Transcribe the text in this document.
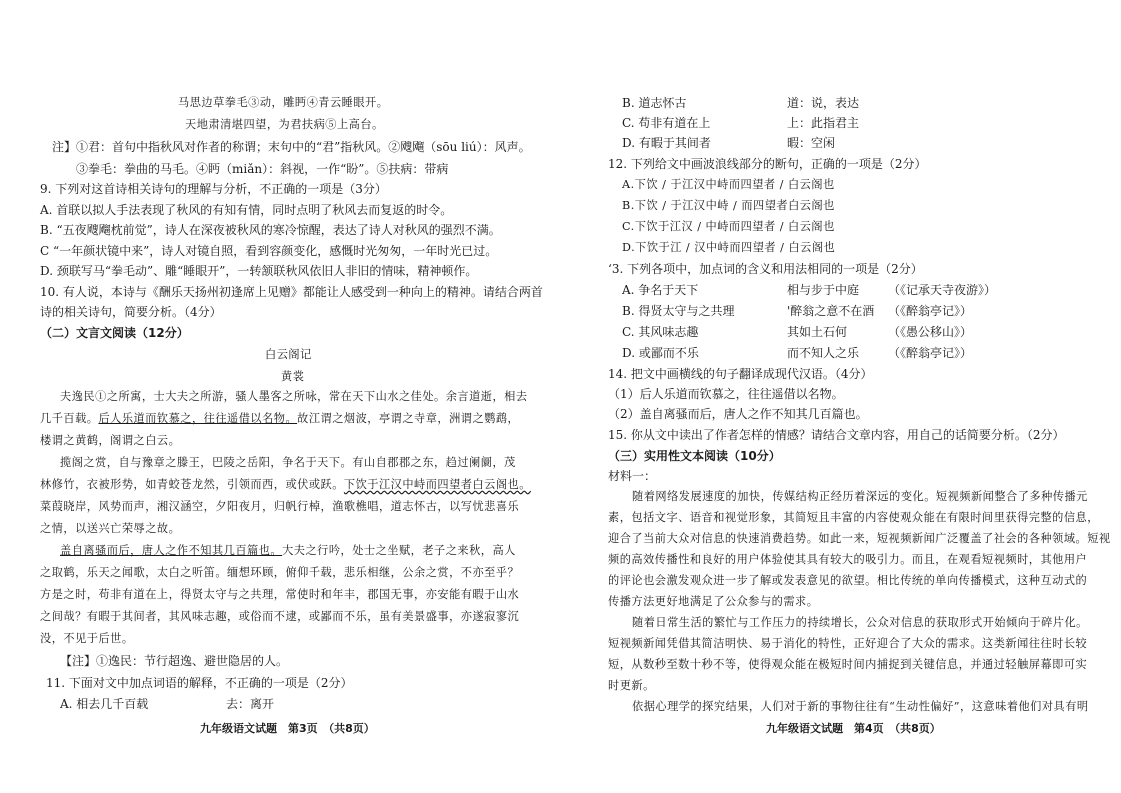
马思边草拳毛③动，雕眄④青云睡眼开。
天地肃清堪四望，为君扶病⑤上高台。
注】①君：首句中指秋风对作者的称谓；末句中的“君”指秋风。②飕飗（sōu liú）：风声。
③拳毛：拳曲的马毛。④眄（miǎn）：斜视，一作“盼”。⑤扶病：带病
9. 下列对这首诗相关诗句的理解与分析，不正确的一项是（3分）
A. 首联以拟人手法表现了秋风的有知有情，同时点明了秋风去而复返的时令。
B. “五夜飕飗枕前觉”，诗人在深夜被秋风的寒冷惊醒，表达了诗人对秋风的强烈不满。
C “一年颜状镜中来”，诗人对镜自照，看到容颜变化，感慨时光匆匆，一年时光已过。
D. 颈联写马“拳毛动”、雕“睡眼开”，一转颔联秋风依旧人非旧的情味，精神顿作。
10. 有人说，本诗与《酬乐天扬州初逢席上见赠》都能让人感受到一种向上的精神。请结合两首
诗的相关诗句，简要分析。（4分）
（二）文言文阅读（12分）
白云阁记
黄裳
夫逸民①之所寓，士大夫之所游，骚人墨客之所咏，常在天下山水之佳处。余言道逝，相去
几千百载。后人乐道而钦慕之，往往遥借以名物。故江谓之烟波，亭谓之寺章，洲谓之鹦鹉，
楼谓之黄鹤，阁谓之白云。
揽阁之赏，自与豫章之滕王，巴陵之岳阳，争名于天下。有山自郡郡之东，趋过阑阛，茂
林修竹，衣被形势，如青蛟苍龙然，引领而西，或伏或跃。下饮于江汉中峙而四望者白云阁也。
菜葭晓岸，风势而声，湘汉涵空，夕阳夜月，归帆行棹，渔歌樵唱，道志怀古，以写忧悲喜乐
之情，以送兴亡荣辱之故。
盖自离骚而后，唐人之作不知其几百篇也。大夫之行吟，处士之坐赋，老子之来秋，高人
之取鹤，乐天之闻歌，太白之听笛。缅想环顾，俯仰千载，悲乐相继，公余之赏，不亦至乎？
方是之时，苟非有道在上，得贤太守与之共理，常使时和年丰，郡国无事，亦安能有暇于山水
之间哉？有暇于其间者，其风味志趣，或俗而不逮，或鄙而不乐，虽有美景盛事，亦遂寂寥沉
没，不见于后世。
【注】①逸民：节行超逸、避世隐居的人。
11. 下面对文中加点词语的解释，不正确的一项是（2分）
A. 相去几千百载	去：离开
九年级语文试题　第3页　（共8页）
B. 道志怀古	道：说，表达
C. 苟非有道在上	上：此指君主
D. 有暇于其间者	暇：空闲
12. 下列给文中画波浪线部分的断句，正确的一项是（2分）
A.下饮 / 于江汉中峙而四望者 / 白云阁也
B.下饮 / 于江汉中峙 / 而四望者白云阁也
C.下饮于江汉 / 中峙而四望者 / 白云阁也
D.下饮于江 / 汉中峙而四望者 / 白云阁也
‘3. 下列各项中，加点词的含义和用法相同的一项是（2分）
A. 争名于天下	相与步于中庭 （《记承天寺夜游》）
B. 得贤太守与之共理	'醉翁之意不在酒 （《醉翁亭记》）
C. 其风味志趣	其如土石何	（《愚公移山》）
D. 或鄙而不乐	而不知人之乐 （《醉翁亭记》）
14. 把文中画横线的句子翻译成现代汉语。（4分）
（1）后人乐道而钦慕之，往往遥借以名物。
（2）盖自离骚而后，唐人之作不知其几百篇也。
15. 你从文中读出了作者怎样的情感？请结合文章内容，用自己的话简要分析。（2分）
（三）实用性文本阅读（10分）
材料一：
随着网络发展速度的加快，传媒结构正经历着深远的变化。短视频新闻整合了多种传播元
素，包括文字、语音和视觉形象，其简短且丰富的内容使观众能在有限时间里获得完整的信息，
迎合了当前大众对信息的快速消费趋势。如此一来，短视频新闻广泛覆盖了社会的各种领域。短视
频的高效传播性和良好的用户体验使其具有较大的吸引力。而且，在观看短视频时，其他用户
的评论也会激发观众进一步了解或发表意见的欲望。相比传统的单向传播模式，这种互动式的
传播方法更好地满足了公众参与的需求。
随着日常生活的繁忙与工作压力的持续增长，公众对信息的获取形式开始倾向于碎片化。
短视频新闻凭借其简洁明快、易于消化的特性，正好迎合了大众的需求。这类新闻往往时长较
短，从数秒至数十秒不等，使得观众能在极短时间内捕捉到关键信息，并通过轻触屏幕即可实
时更新。
依据心理学的探究结果，人们对于新的事物往往有“生动性偏好”，这意味着他们对具有明
九年级语文试题　第4页　（共8页）
